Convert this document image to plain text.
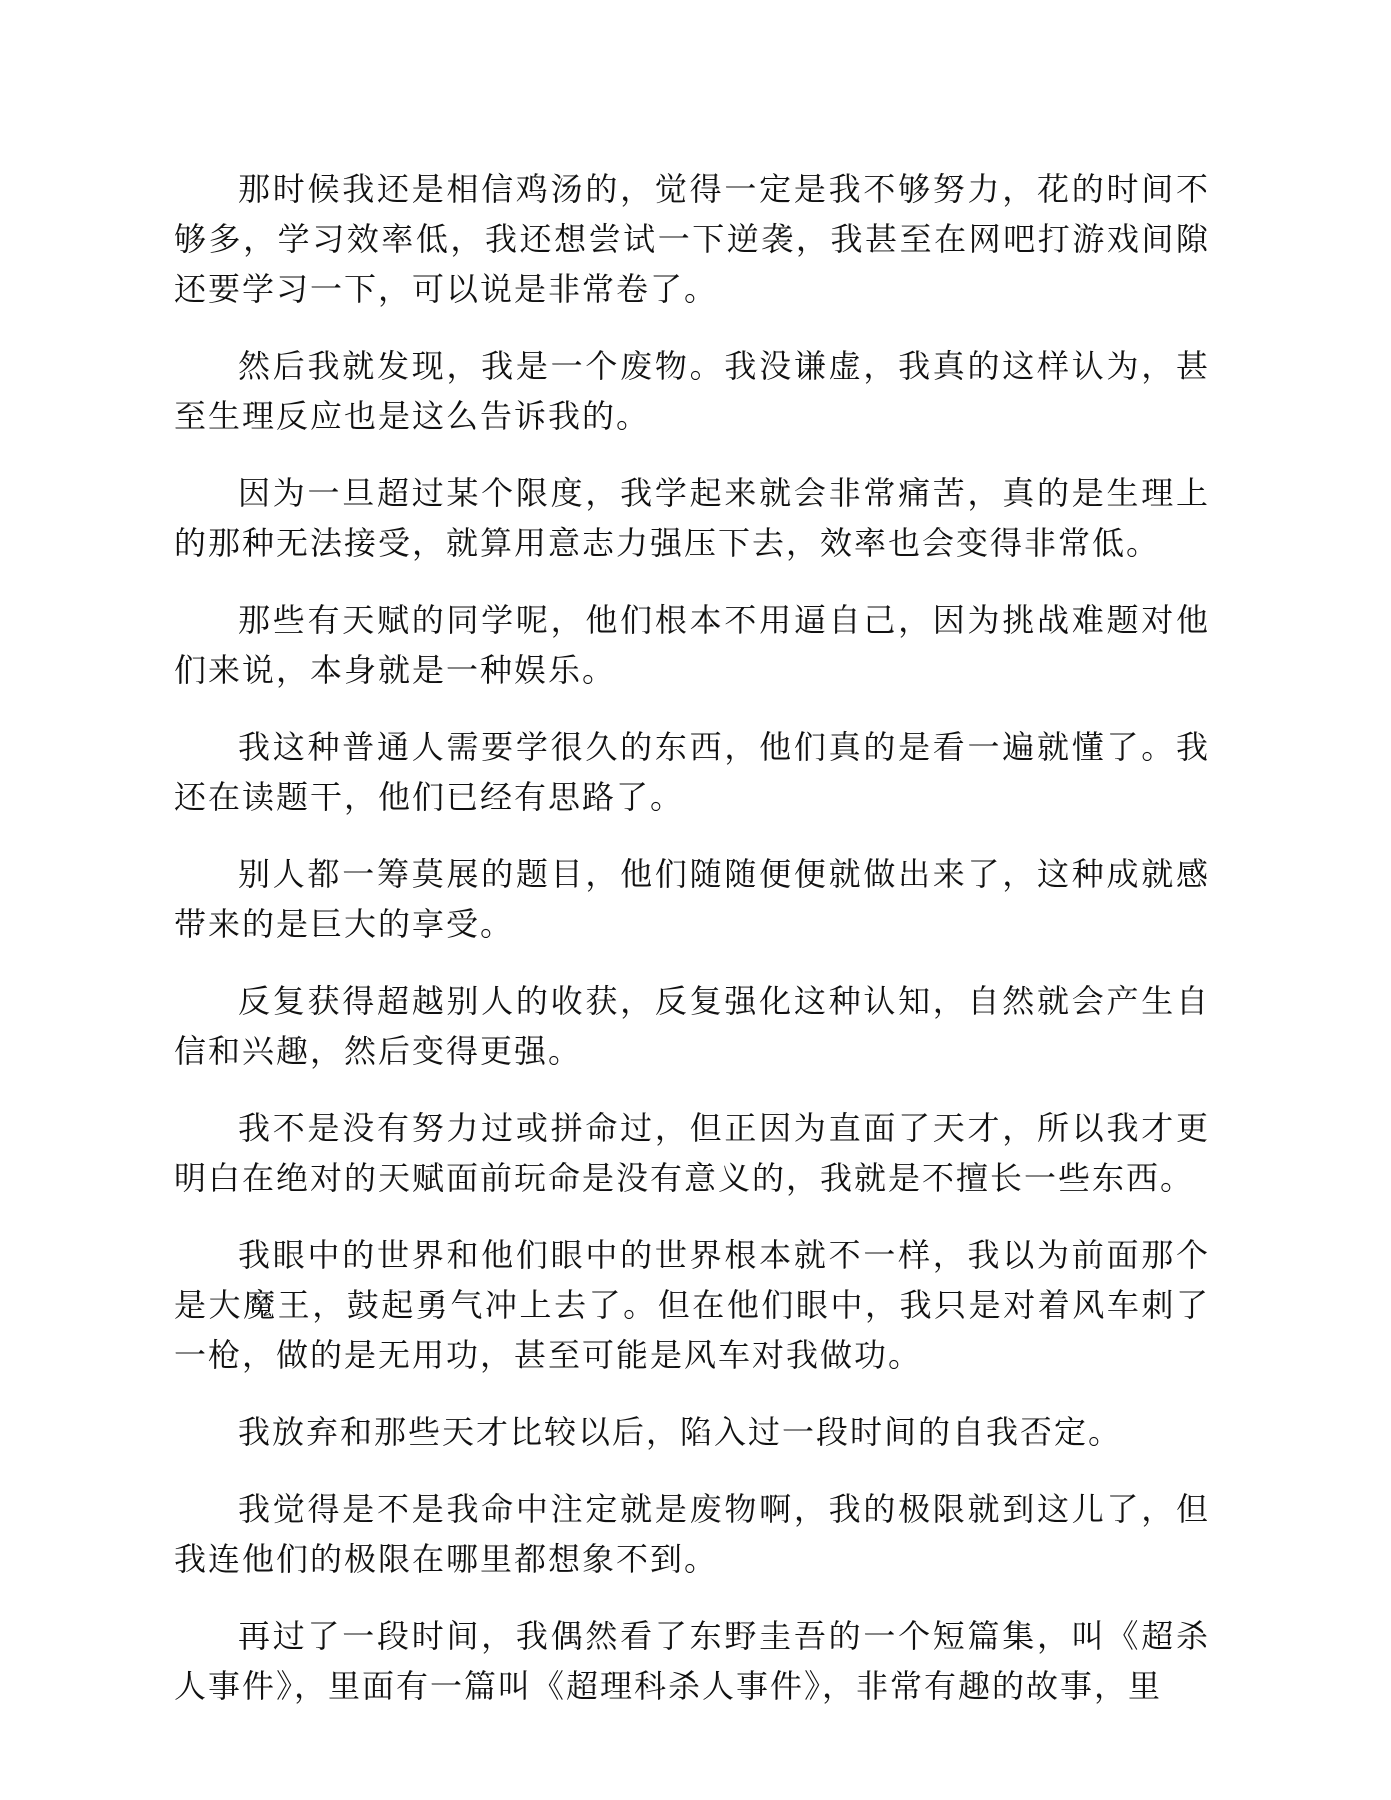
那时候我还是相信鸡汤的，觉得一定是我不够努力，花的时间不够多，学习效率低，我还想尝试一下逆袭，我甚至在网吧打游戏间隙还要学习一下，可以说是非常卷了。

然后我就发现，我是一个废物。我没谦虚，我真的这样认为，甚至生理反应也是这么告诉我的。

因为一旦超过某个限度，我学起来就会非常痛苦，真的是生理上的那种无法接受，就算用意志力强压下去，效率也会变得非常低。

那些有天赋的同学呢，他们根本不用逼自己，因为挑战难题对他们来说，本身就是一种娱乐。

我这种普通人需要学很久的东西，他们真的是看一遍就懂了。我还在读题干，他们已经有思路了。

别人都一筹莫展的题目，他们随随便便就做出来了，这种成就感带来的是巨大的享受。

反复获得超越别人的收获，反复强化这种认知，自然就会产生自信和兴趣，然后变得更强。

我不是没有努力过或拼命过，但正因为直面了天才，所以我才更明白在绝对的天赋面前玩命是没有意义的，我就是不擅长一些东西。

我眼中的世界和他们眼中的世界根本就不一样，我以为前面那个是大魔王，鼓起勇气冲上去了。但在他们眼中，我只是对着风车刺了一枪，做的是无用功，甚至可能是风车对我做功。

我放弃和那些天才比较以后，陷入过一段时间的自我否定。

我觉得是不是我命中注定就是废物啊，我的极限就到这儿了，但我连他们的极限在哪里都想象不到。

再过了一段时间，我偶然看了东野圭吾的一个短篇集，叫《超杀人事件》，里面有一篇叫《超理科杀人事件》，非常有趣的故事，里
